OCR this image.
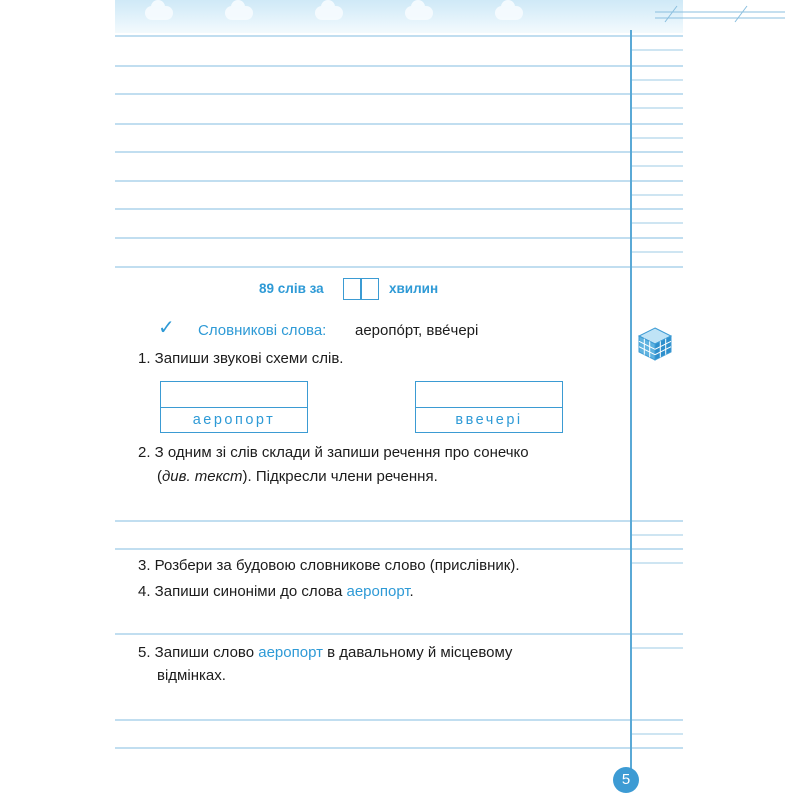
89 слів за	хвилин
✓ Словникові слова: аеропо́рт, вве́чері
1. Запиши звукові схеми слів.
аеропорт	ввечері
2. З одним зі слів склади й запиши речення про сонечко
(див. текст). Підкресли члени речення.
3. Розбери за будовою словникове слово (прислівник).
4. Запиши синоніми до слова аеропорт.
5. Запиши слово аеропорт в давальному й місцевому
відмінках.
5
